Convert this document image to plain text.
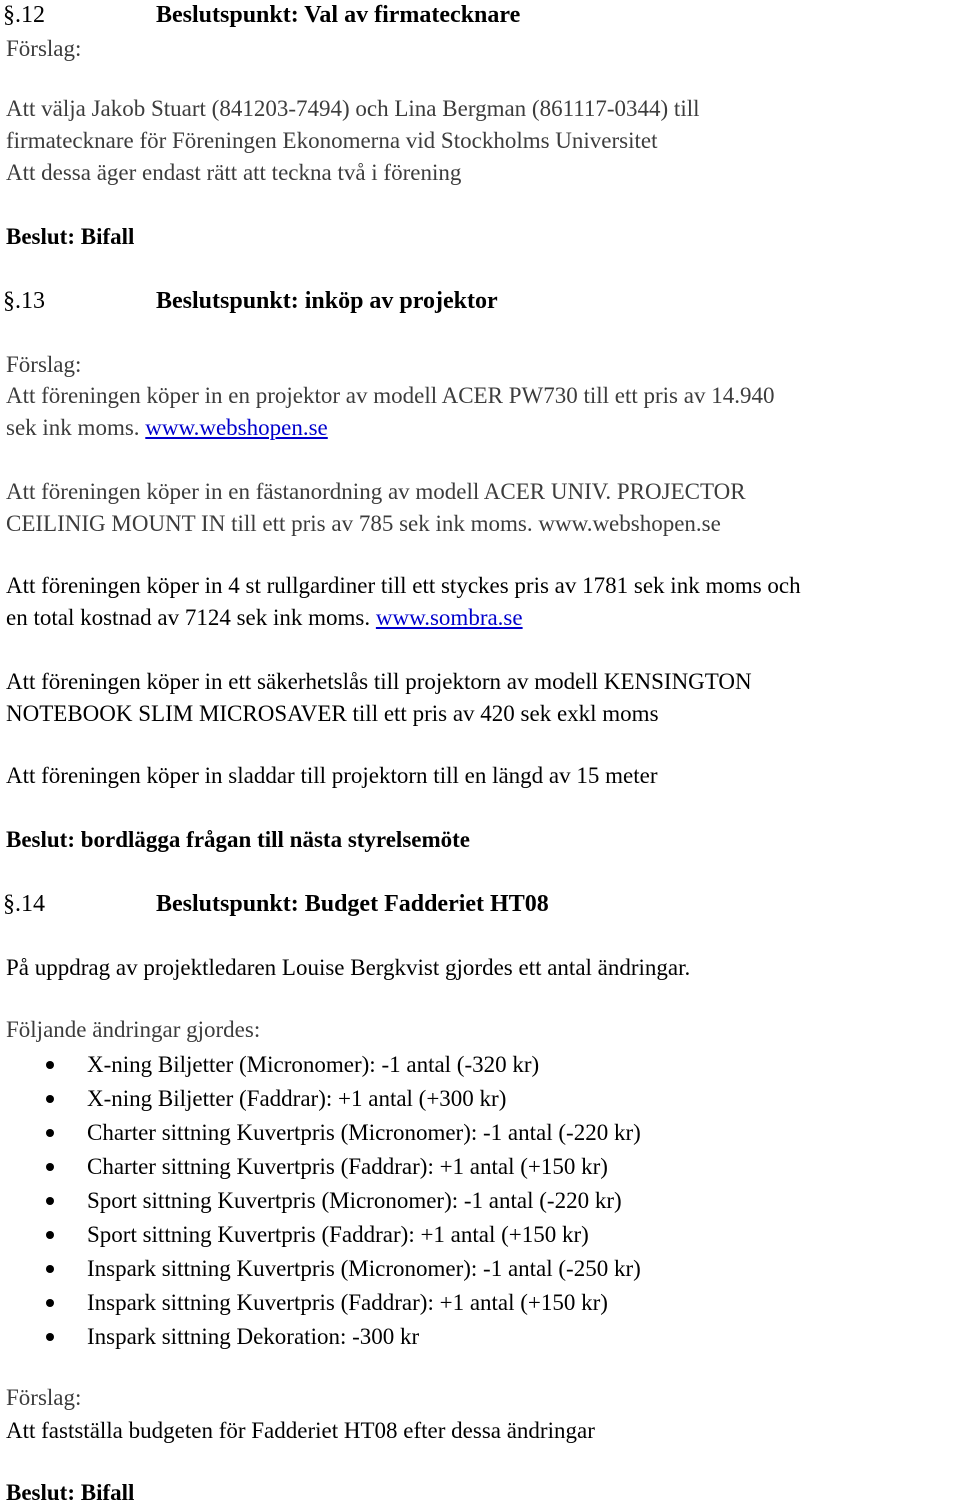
§.12	Beslutspunkt: Val av firmatecknare
Förslag:
Att välja Jakob Stuart (841203-7494) och Lina Bergman (861117-0344) till
firmatecknare för Föreningen Ekonomerna vid Stockholms Universitet
Att dessa äger endast rätt att teckna två i förening
Beslut: Bifall
§.13	Beslutspunkt: inköp av projektor
Förslag:
Att föreningen köper in en projektor av modell ACER PW730 till ett pris av 14.940
sek ink moms. www.webshopen.se
Att föreningen köper in en fästanordning av modell ACER UNIV. PROJECTOR
CEILINIG MOUNT IN till ett pris av 785 sek ink moms. www.webshopen.se
Att föreningen köper in 4 st rullgardiner till ett styckes pris av 1781 sek ink moms och
en total kostnad av 7124 sek ink moms. www.sombra.se
Att föreningen köper in ett säkerhetslås till projektorn av modell KENSINGTON
NOTEBOOK SLIM MICROSAVER till ett pris av 420 sek exkl moms
Att föreningen köper in sladdar till projektorn till en längd av 15 meter
Beslut: bordlägga frågan till nästa styrelsemöte
§.14	Beslutspunkt: Budget Fadderiet HT08
På uppdrag av projektledaren Louise Bergkvist gjordes ett antal ändringar.
Följande ändringar gjordes:
X-ning Biljetter (Micronomer): -1 antal (-320 kr)
X-ning Biljetter (Faddrar): +1 antal (+300 kr)
Charter sittning Kuvertpris (Micronomer): -1 antal (-220 kr)
Charter sittning Kuvertpris (Faddrar): +1 antal (+150 kr)
Sport sittning Kuvertpris (Micronomer): -1 antal (-220 kr)
Sport sittning Kuvertpris (Faddrar): +1 antal (+150 kr)
Inspark sittning Kuvertpris (Micronomer): -1 antal (-250 kr)
Inspark sittning Kuvertpris (Faddrar): +1 antal (+150 kr)
Inspark sittning Dekoration: -300 kr
Förslag:
Att fastställa budgeten för Fadderiet HT08 efter dessa ändringar
Beslut: Bifall
